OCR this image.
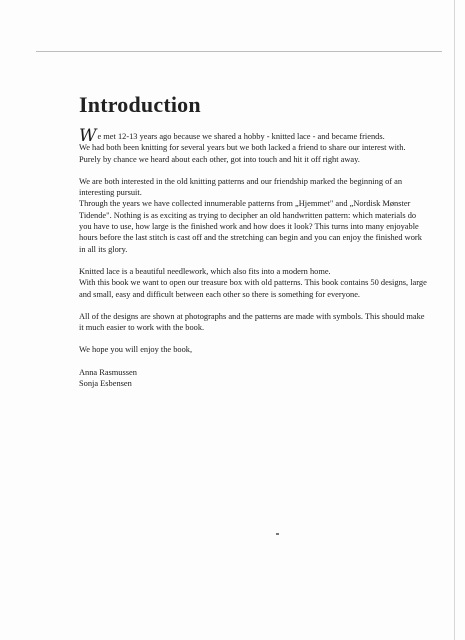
Introduction

We met 12-13 years ago because we shared a hobby - knitted lace - and became friends.
We had both been knitting for several years but we both lacked a friend to share our interest with.
Purely by chance we heard about each other, got into touch and hit it off right away.

We are both interested in the old knitting patterns and our friendship marked the beginning of an
interesting pursuit.
Through the years we have collected innumerable patterns from „Hjemmet" and „Nordisk Mønster Tidende". Nothing is as exciting as trying to decipher an old handwritten pattern: which materials do you have to use, how large is the finished work and how does it look? This turns into many enjoyable hours before the last stitch is cast off and the stretching can begin and you can enjoy the finished work in all its glory.

Knitted lace is a beautiful needlework, which also fits into a modern home.
With this book we want to open our treasure box with old patterns. This book contains 50 designs, large and small, easy and difficult between each other so there is something for everyone.

All of the designs are shown at photographs and the patterns are made with symbols. This should make it much easier to work with the book.

We hope you will enjoy the book,

Anna Rasmussen
Sonja Esbensen
